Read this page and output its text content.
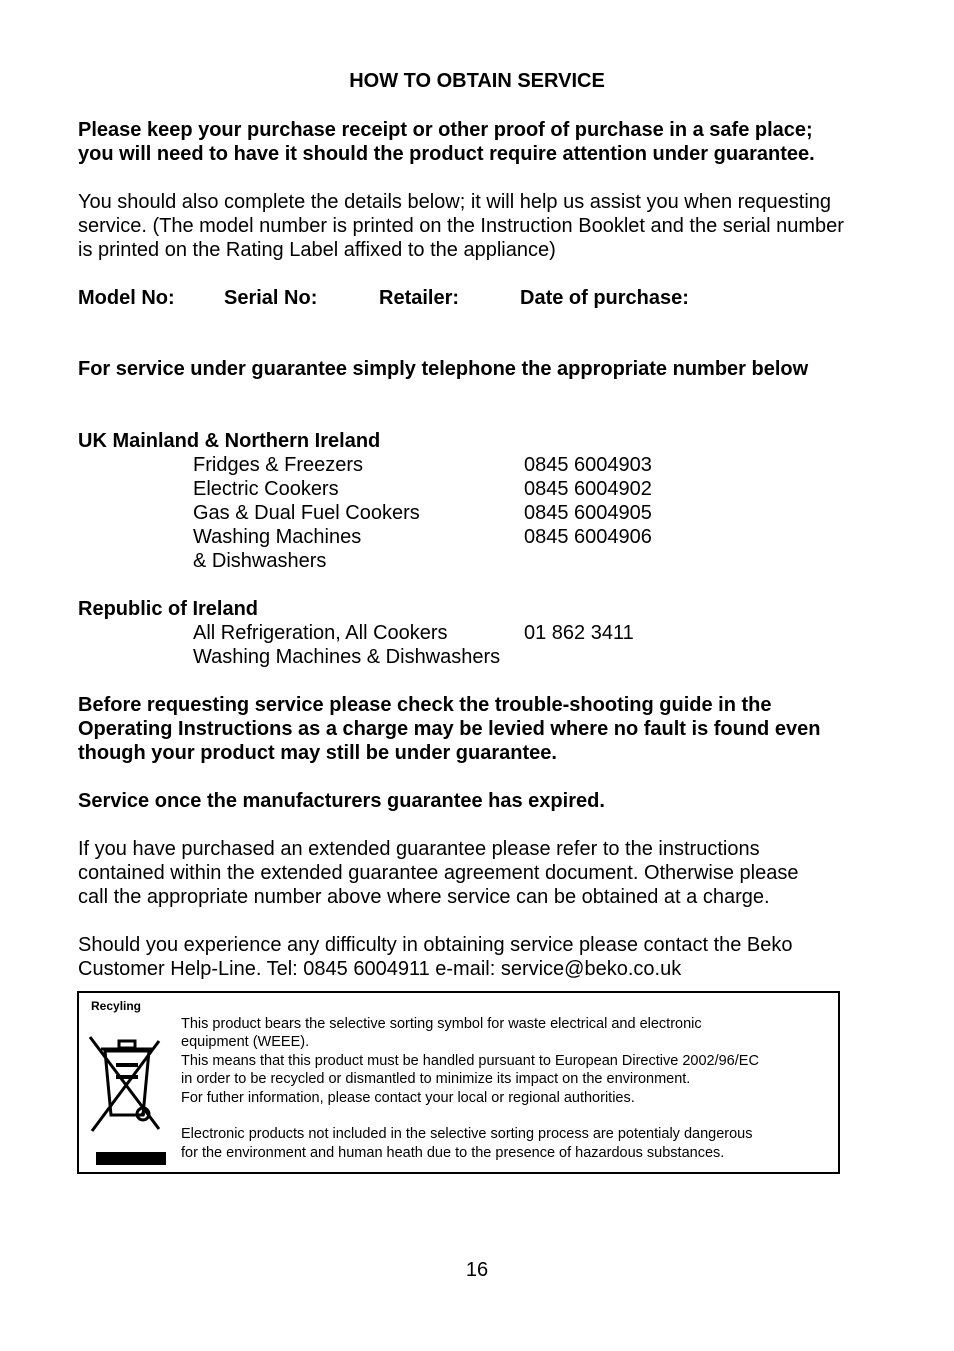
HOW TO OBTAIN SERVICE
Please keep your purchase receipt or other proof of purchase in a safe place;
you will need to have it should the product require attention under guarantee.
You should also complete the details below; it will help us assist you when requesting
service. (The model number is printed on the Instruction Booklet and the serial number
is printed on the Rating Label affixed to the appliance)
Model No: Serial No:	Retailer:	Date of purchase:
For service under guarantee simply telephone the appropriate number below
UK Mainland & Northern Ireland
Fridges & Freezers	0845 6004903
Electric Cookers	0845 6004902
Gas & Dual Fuel Cookers	0845 6004905
Washing Machines	0845 6004906
& Dishwashers
Republic of Ireland
All Refrigeration, All Cookers	01 862 3411
Washing Machines & Dishwashers
Before requesting service please check the trouble-shooting guide in the
Operating Instructions as a charge may be levied where no fault is found even
though your product may still be under guarantee.
Service once the manufacturers guarantee has expired.
If you have purchased an extended guarantee please refer to the instructions
contained within the extended guarantee agreement document. Otherwise please
call the appropriate number above where service can be obtained at a charge.
Should you experience any difficulty in obtaining service please contact the Beko
Customer Help-Line. Tel: 0845 6004911 e-mail: service@beko.co.uk
Recyling
This product bears the selective sorting symbol for waste electrical and electronic
equipment (WEEE).
This means that this product must be handled pursuant to European Directive 2002/96/EC
in order to be recycled or dismantled to minimize its impact on the environment.
For futher information, please contact your local or regional authorities.
Electronic products not included in the selective sorting process are potentialy dangerous
for the environment and human heath due to the presence of hazardous substances.
16
